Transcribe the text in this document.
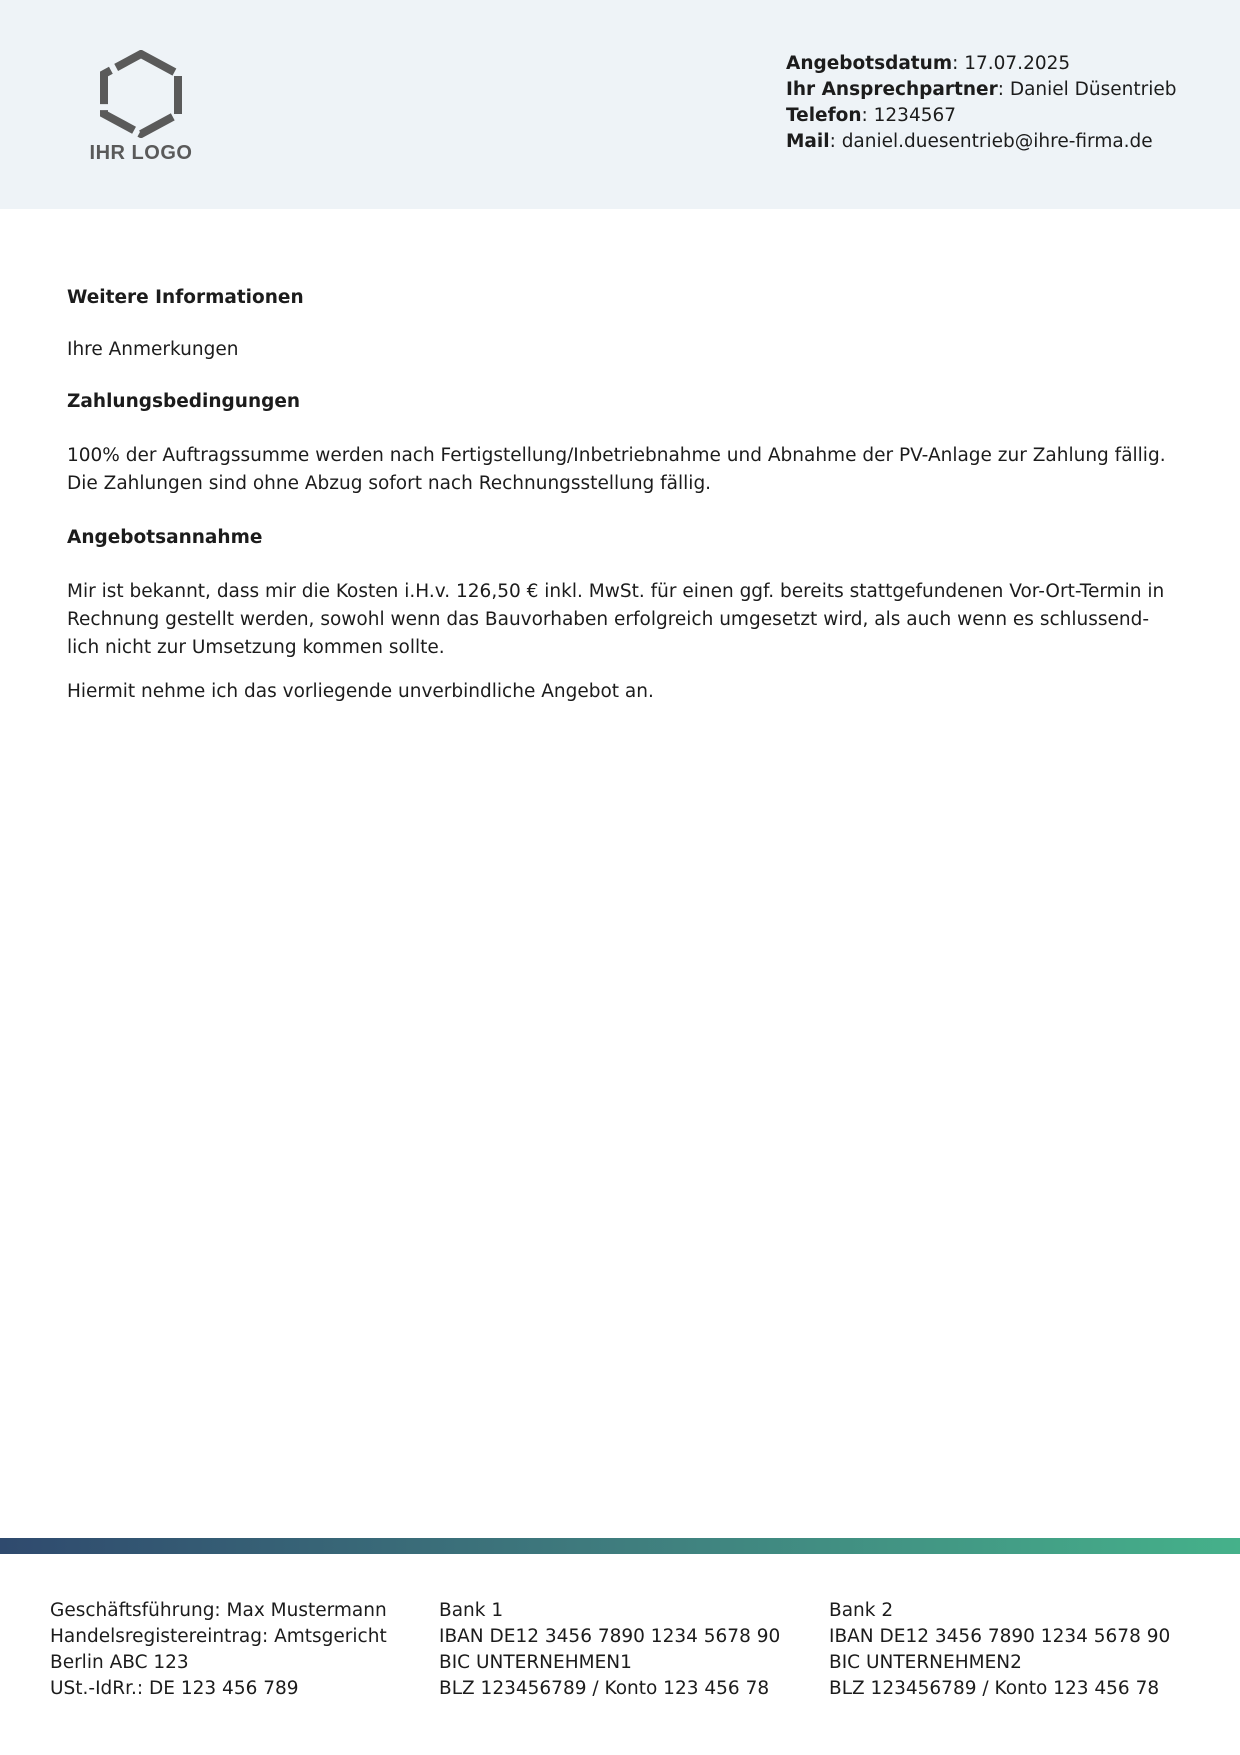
IHR LOGO
Angebotsdatum: 17.07.2025
Ihr Ansprechpartner: Daniel Düsentrieb
Telefon: 1234567
Mail: daniel.duesentrieb@ihre-firma.de
Weitere Informationen

Ihre Anmerkungen

Zahlungsbedingungen

100% der Auftragssumme werden nach Fertigstellung/Inbetriebnahme und Abnahme der PV-Anlage zur Zahlung fällig.

Die Zahlungen sind ohne Abzug sofort nach Rechnungsstellung fällig.

Angebotsannahme

Mir ist bekannt, dass mir die Kosten i.H.v. 126,50 € inkl. MwSt. für einen ggf. bereits stattgefundenen Vor-Ort-Termin in

Rechnung gestellt werden, sowohl wenn das Bauvorhaben erfolgreich umgesetzt wird, als auch wenn es schlussend-

lich nicht zur Umsetzung kommen sollte.

Hiermit nehme ich das vorliegende unverbindliche Angebot an.

Geschäftsführung: Max Mustermann
Handelsregistereintrag: Amtsgericht
Berlin ABC 123
USt.-IdRr.: DE 123 456 789
Bank 1
IBAN DE12 3456 7890 1234 5678 90
BIC UNTERNEHMEN1
BLZ 123456789 / Konto 123 456 78
Bank 2
IBAN DE12 3456 7890 1234 5678 90
BIC UNTERNEHMEN2
BLZ 123456789 / Konto 123 456 78
